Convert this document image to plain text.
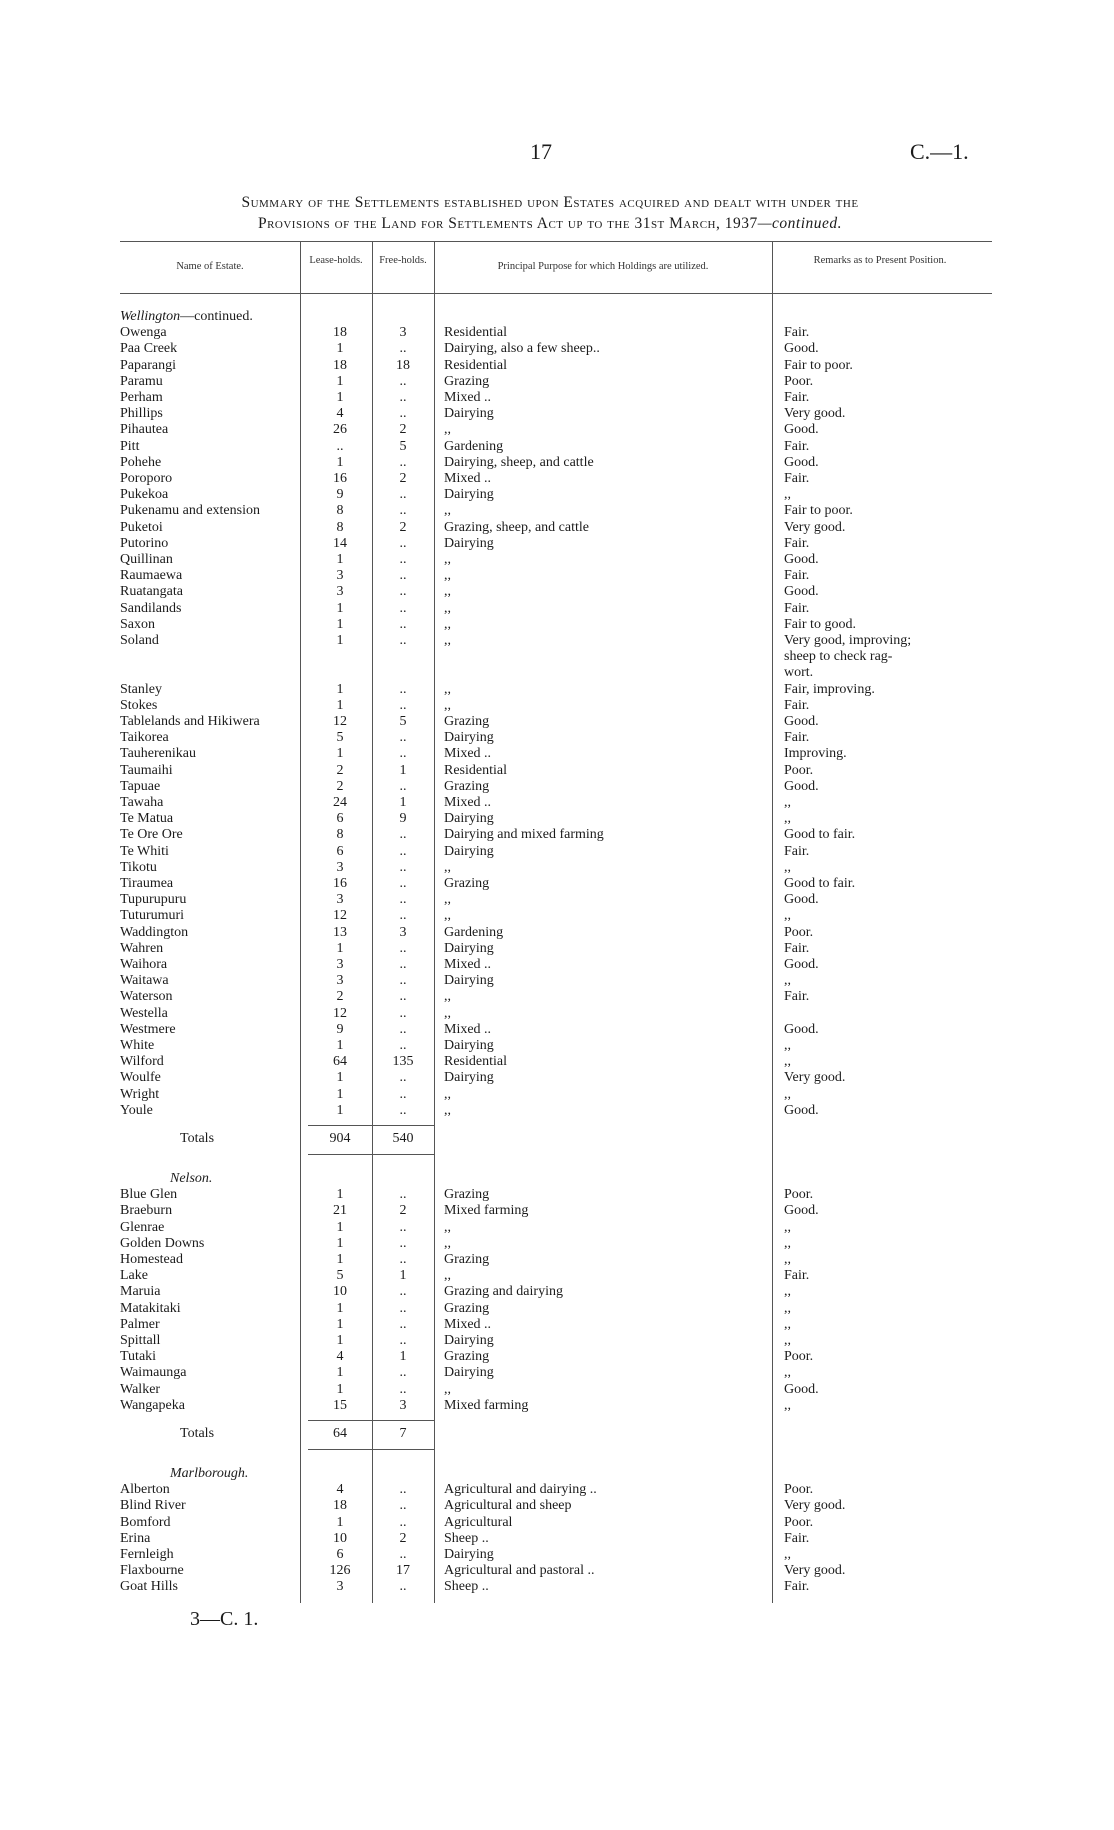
17	C.—1.
Summary of the Settlements established upon Estates acquired and dealt with under the
Provisions of the Land for Settlements Act up to the 31st March, 1937—continued.
Name of Estate.
Lease-holds.	Free-holds.
Principal Purpose for which Holdings are utilized.
Remarks as to Present Position.
Wellington—continued.
Owenga	18	3	Residential	Fair.
Paa Creek	1	..	Dairying, also a few sheep..	Good.
Paparangi	18	18	Residential	Fair to poor.
Paramu	1	..	Grazing	Poor.
Perham	1	..	Mixed ..	Fair.
Phillips	4	..	Dairying	Very good.
Pihautea	26	2	,,	Good.
Pitt	..	5	Gardening	Fair.
Pohehe	1	..	Dairying, sheep, and cattle	Good.
Poroporo	16	2	Mixed ..	Fair.
Pukekoa	9	..	Dairying	,,
Pukenamu and extension	8	..	,,	Fair to poor.
Puketoi	8	2	Grazing, sheep, and cattle	Very good.
Putorino	14	..	Dairying	Fair.
Quillinan	1	..	,,	Good.
Raumaewa	3	..	,,	Fair.
Ruatangata	3	..	,,	Good.
Sandilands	1	..	,,	Fair.
Saxon	1	..	,,	Fair to good.
Soland	1	..	,,	Very good, improving;
sheep to check rag-
wort.
Stanley	1	..	,,	Fair, improving.
Stokes	1	..	,,	Fair.
Tablelands and Hikiwera	12	5	Grazing	Good.
Taikorea	5	..	Dairying	Fair.
Tauherenikau	1	..	Mixed ..	Improving.
Taumaihi	2	1	Residential	Poor.
Tapuae	2	..	Grazing	Good.
Tawaha	24	1	Mixed ..	,,
Te Matua	6	9	Dairying	,,
Te Ore Ore	8	..	Dairying and mixed farming	Good to fair.
Te Whiti	6	..	Dairying	Fair.
Tikotu	3	..	,,	,,
Tiraumea	16	..	Grazing	Good to fair.
Tupurupuru	3	..	,,	Good.
Tuturumuri	12	..	,,	,,
Waddington	13	3	Gardening	Poor.
Wahren	1	..	Dairying	Fair.
Waihora	3	..	Mixed ..	Good.
Waitawa	3	..	Dairying	,,
Waterson	2	..	,,	Fair.
Westella	12	..	,,
Westmere	9	..	Mixed ..	Good.
White	1	..	Dairying	,,
Wilford	64	135	Residential	,,
Woulfe	1	..	Dairying	Very good.
Wright	1	..	,,	,,
Youle	1	..	,,	Good.
Totals	904	540
Nelson.
Blue Glen	1	..	Grazing	Poor.
Braeburn	21	2	Mixed farming	Good.
Glenrae	1	..	,,	,,
Golden Downs	1	..	,,	,,
Homestead	1	..	Grazing	,,
Lake	5	1	,,	Fair.
Maruia	10	..	Grazing and dairying	,,
Matakitaki	1	..	Grazing	,,
Palmer	1	..	Mixed ..	,,
Spittall	1	..	Dairying	,,
Tutaki	4	1	Grazing	Poor.
Waimaunga	1	..	Dairying	,,
Walker	1	..	,,	Good.
Wangapeka	15	3	Mixed farming	,,
Totals	64	7
Marlborough.
Alberton	4	..	Agricultural and dairying ..	Poor.
Blind River	18	..	Agricultural and sheep	Very good.
Bomford	1	..	Agricultural	Poor.
Erina	10	2	Sheep ..	Fair.
Fernleigh	6	..	Dairying	,,
Flaxbourne	126	17	Agricultural and pastoral ..	Very good.
Goat Hills	3	..	Sheep ..	Fair.
3—C. 1.
